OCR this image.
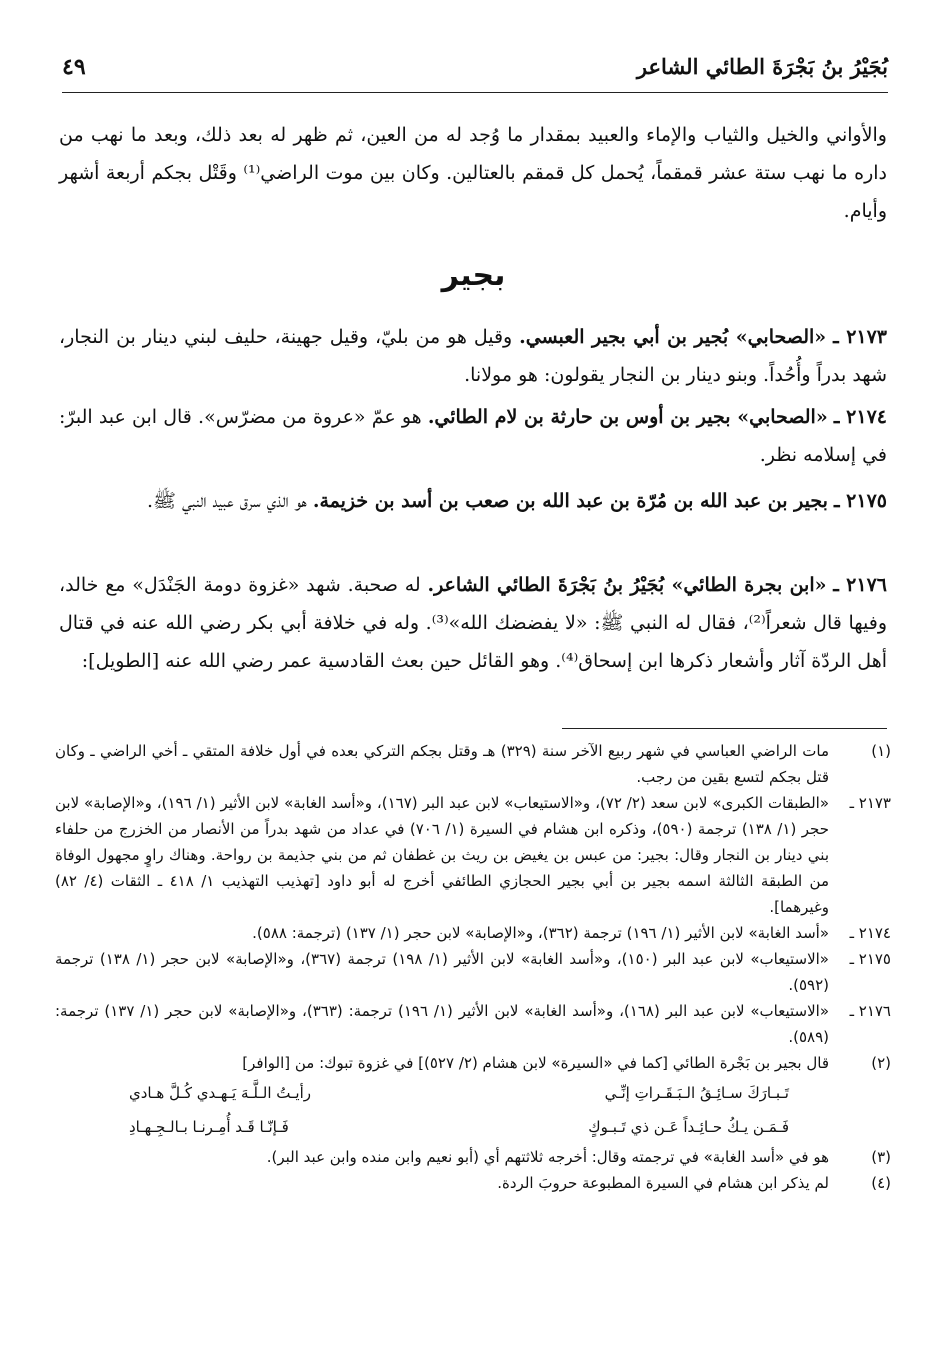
بُجَيْرُ بنُ بَجْرَةَ الطائي الشاعر
٤٩

والأواني والخيل والثياب والإماء والعبيد بمقدار ما وُجد له من العين، ثم ظهر له بعد ذلك، وبعد ما نهب من داره ما نهب ستة عشر قمقماً، يُحمل كل قمقم بالعتالين. وكان بين موت الراضي⁽¹⁾ وقَتْل بجكم أربعة أشهر وأيام.

بجير

٢١٧٣ ـ «الصحابي» بُجير بن أبي بجير العبسي. وقيل هو من بليّ، وقيل جهينة، حليف لبني دينار بن النجار، شهد بدراً وأُحُداً. وبنو دينار بن النجار يقولون: هو مولانا.

٢١٧٤ ـ «الصحابي» بجير بن أوس بن حارثة بن لام الطائي. هو عمّ «عروة من مضرّس». قال ابن عبد البرّ: في إسلامه نظر.

٢١٧٥ ـ بجير بن عبد الله بن مُرّة بن عبد الله بن صعب بن أسد بن خزيمة. هو الذي سرق عبيد النبي ﷺ.

٢١٧٦ ـ «ابن بجرة الطائي» بُجَيْرُ بنُ بَجْرَةَ الطائي الشاعر. له صحبة. شهد «غزوة دومة الجَنْدَل» مع خالد، وفيها قال شعراً⁽²⁾، فقال له النبي ﷺ: «لا يفضضك الله»⁽³⁾. وله في خلافة أبي بكر رضي الله عنه في قتال أهل الردّة آثار وأشعار ذكرها ابن إسحاق⁽⁴⁾. وهو القائل حين بعث القادسية عمر رضي الله عنه [الطويل]:

(١)

مات الراضي العباسي في شهر ربيع الآخر سنة (٣٢٩) هـ وقتل بجكم التركي بعده في أول خلافة المتقي ـ أخي الراضي ـ وكان قتل بجكم لتسع بقين من رجب.

٢١٧٣ ـ

«الطبقات الكبرى» لابن سعد (٢/ ٧٢)، و«الاستيعاب» لابن عبد البر (١٦٧)، و«أسد الغابة» لابن الأثير (١/ ١٩٦)، و«الإصابة» لابن حجر (١/ ١٣٨) ترجمة (٥٩٠)، وذكره ابن هشام في السيرة (١/ ٧٠٦) في عداد من شهد بدراً من الأنصار من الخزرج من حلفاء بني دينار بن النجار وقال: بجير: من عبس بن يغيض بن ريث بن غطفان ثم من بني جذيمة بن رواحة. وهناك راوٍ مجهول الوفاة من الطبقة الثالثة اسمه بجير بن أبي بجير الحجازي الطائفي أخرج له أبو داود [تهذيب التهذيب ١/ ٤١٨ ـ الثقات (٤/ ٨٢) وغيرهما].

٢١٧٤ ـ

«أسد الغابة» لابن الأثير (١/ ١٩٦) ترجمة (٣٦٢)، و«الإصابة» لابن حجر (١/ ١٣٧) (ترجمة: ٥٨٨).

٢١٧٥ ـ

«الاستيعاب» لابن عبد البر (١٥٠)، و«أسد الغابة» لابن الأثير (١/ ١٩٨) ترجمة (٣٦٧)، و«الإصابة» لابن حجر (١/ ١٣٨) ترجمة (٥٩٢).

٢١٧٦ ـ

«الاستيعاب» لابن عبد البر (١٦٨)، و«أسد الغابة» لابن الأثير (١/ ١٩٦) ترجمة: (٣٦٣)، و«الإصابة» لابن حجر (١/ ١٣٧) ترجمة: (٥٨٩).

(٢)

قال بجير بن بَجْرة الطائي [كما في «السيرة» لابن هشام (٢/ ٥٢٧)] في غزوة تبوك: من [الوافر]

تَـبـارَكَ سـائِـقُ الـبَـقَـراتِ إنِّـي
رأيـتُ الـلَّـهَ يَـهـدي كُـلَّ هـادي
فَـمَـن يـكُ حـائِـداً عَـن ذي تَـبـوكٍ
فَـإنّـا قَـد أُمِـرنـا بـالـجِـهـادِ
(٣)

هو في «أسد الغابة» في ترجمته وقال: أخرجه ثلاثتهم أي (أبو نعيم وابن منده وابن عبد البر).

(٤)

لم يذكر ابن هشام في السيرة المطبوعة حروبَ الردة.
